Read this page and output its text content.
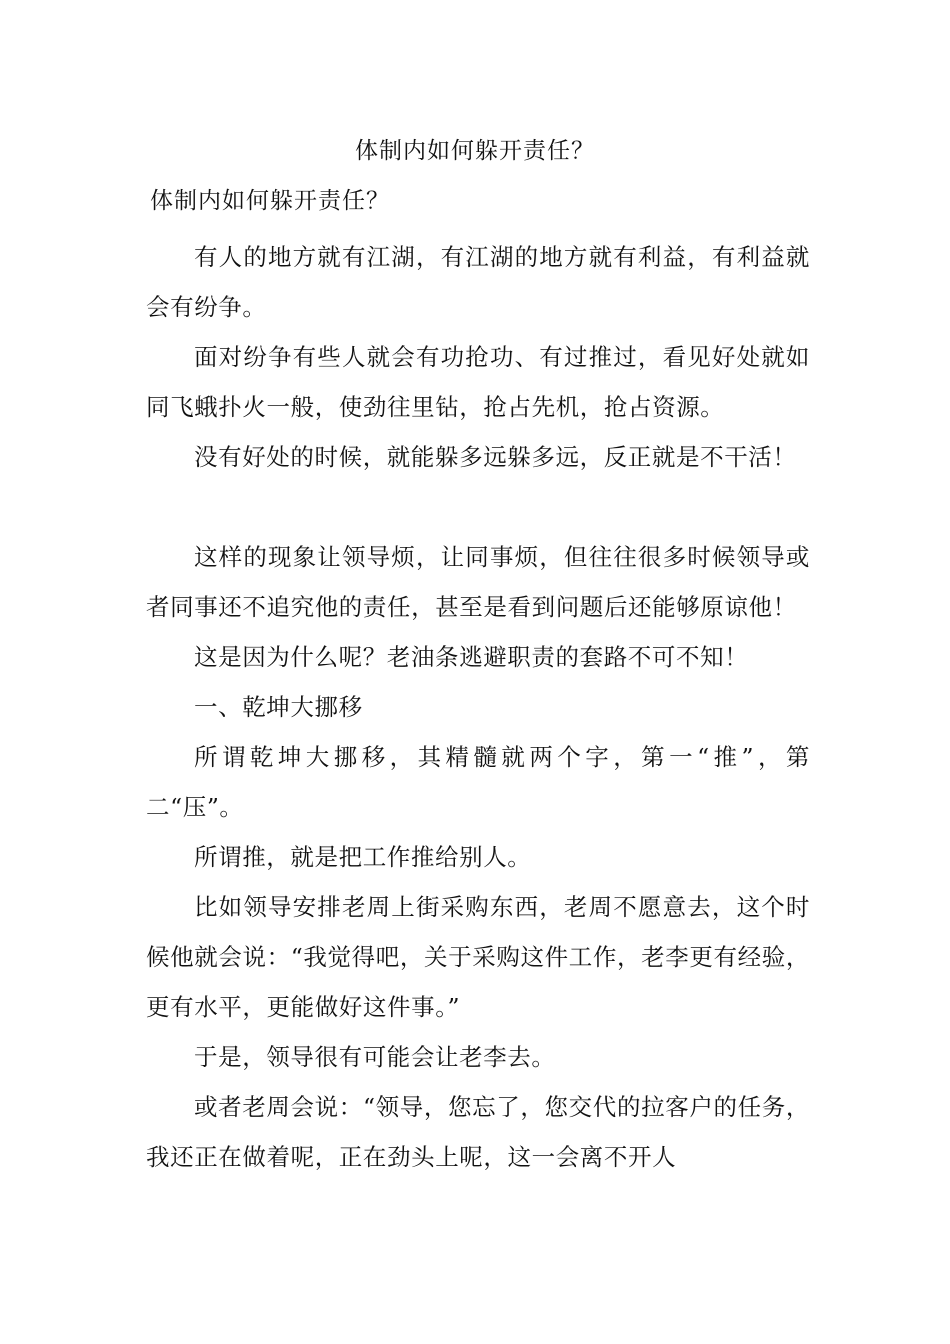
体制内如何躲开责任？
体制内如何躲开责任？

有人的地方就有江湖，有江湖的地方就有利益，有利益就会有纷争。

面对纷争有些人就会有功抢功、有过推过，看见好处就如同飞蛾扑火一般，使劲往里钻，抢占先机，抢占资源。

没有好处的时候，就能躲多远躲多远，反正就是不干活！

这样的现象让领导烦，让同事烦，但往往很多时候领导或者同事还不追究他的责任，甚至是看到问题后还能够原谅他！

这是因为什么呢？老油条逃避职责的套路不可不知！

一、乾坤大挪移

所谓乾坤大挪移，其精髓就两个字，第一“推”，第二“压”。

所谓推，就是把工作推给别人。

比如领导安排老周上街采购东西，老周不愿意去，这个时候他就会说：“我觉得吧，关于采购这件工作，老李更有经验，更有水平，更能做好这件事。”

于是，领导很有可能会让老李去。

或者老周会说：“领导，您忘了，您交代的拉客户的任务，我还正在做着呢，正在劲头上呢，这一会离不开人
